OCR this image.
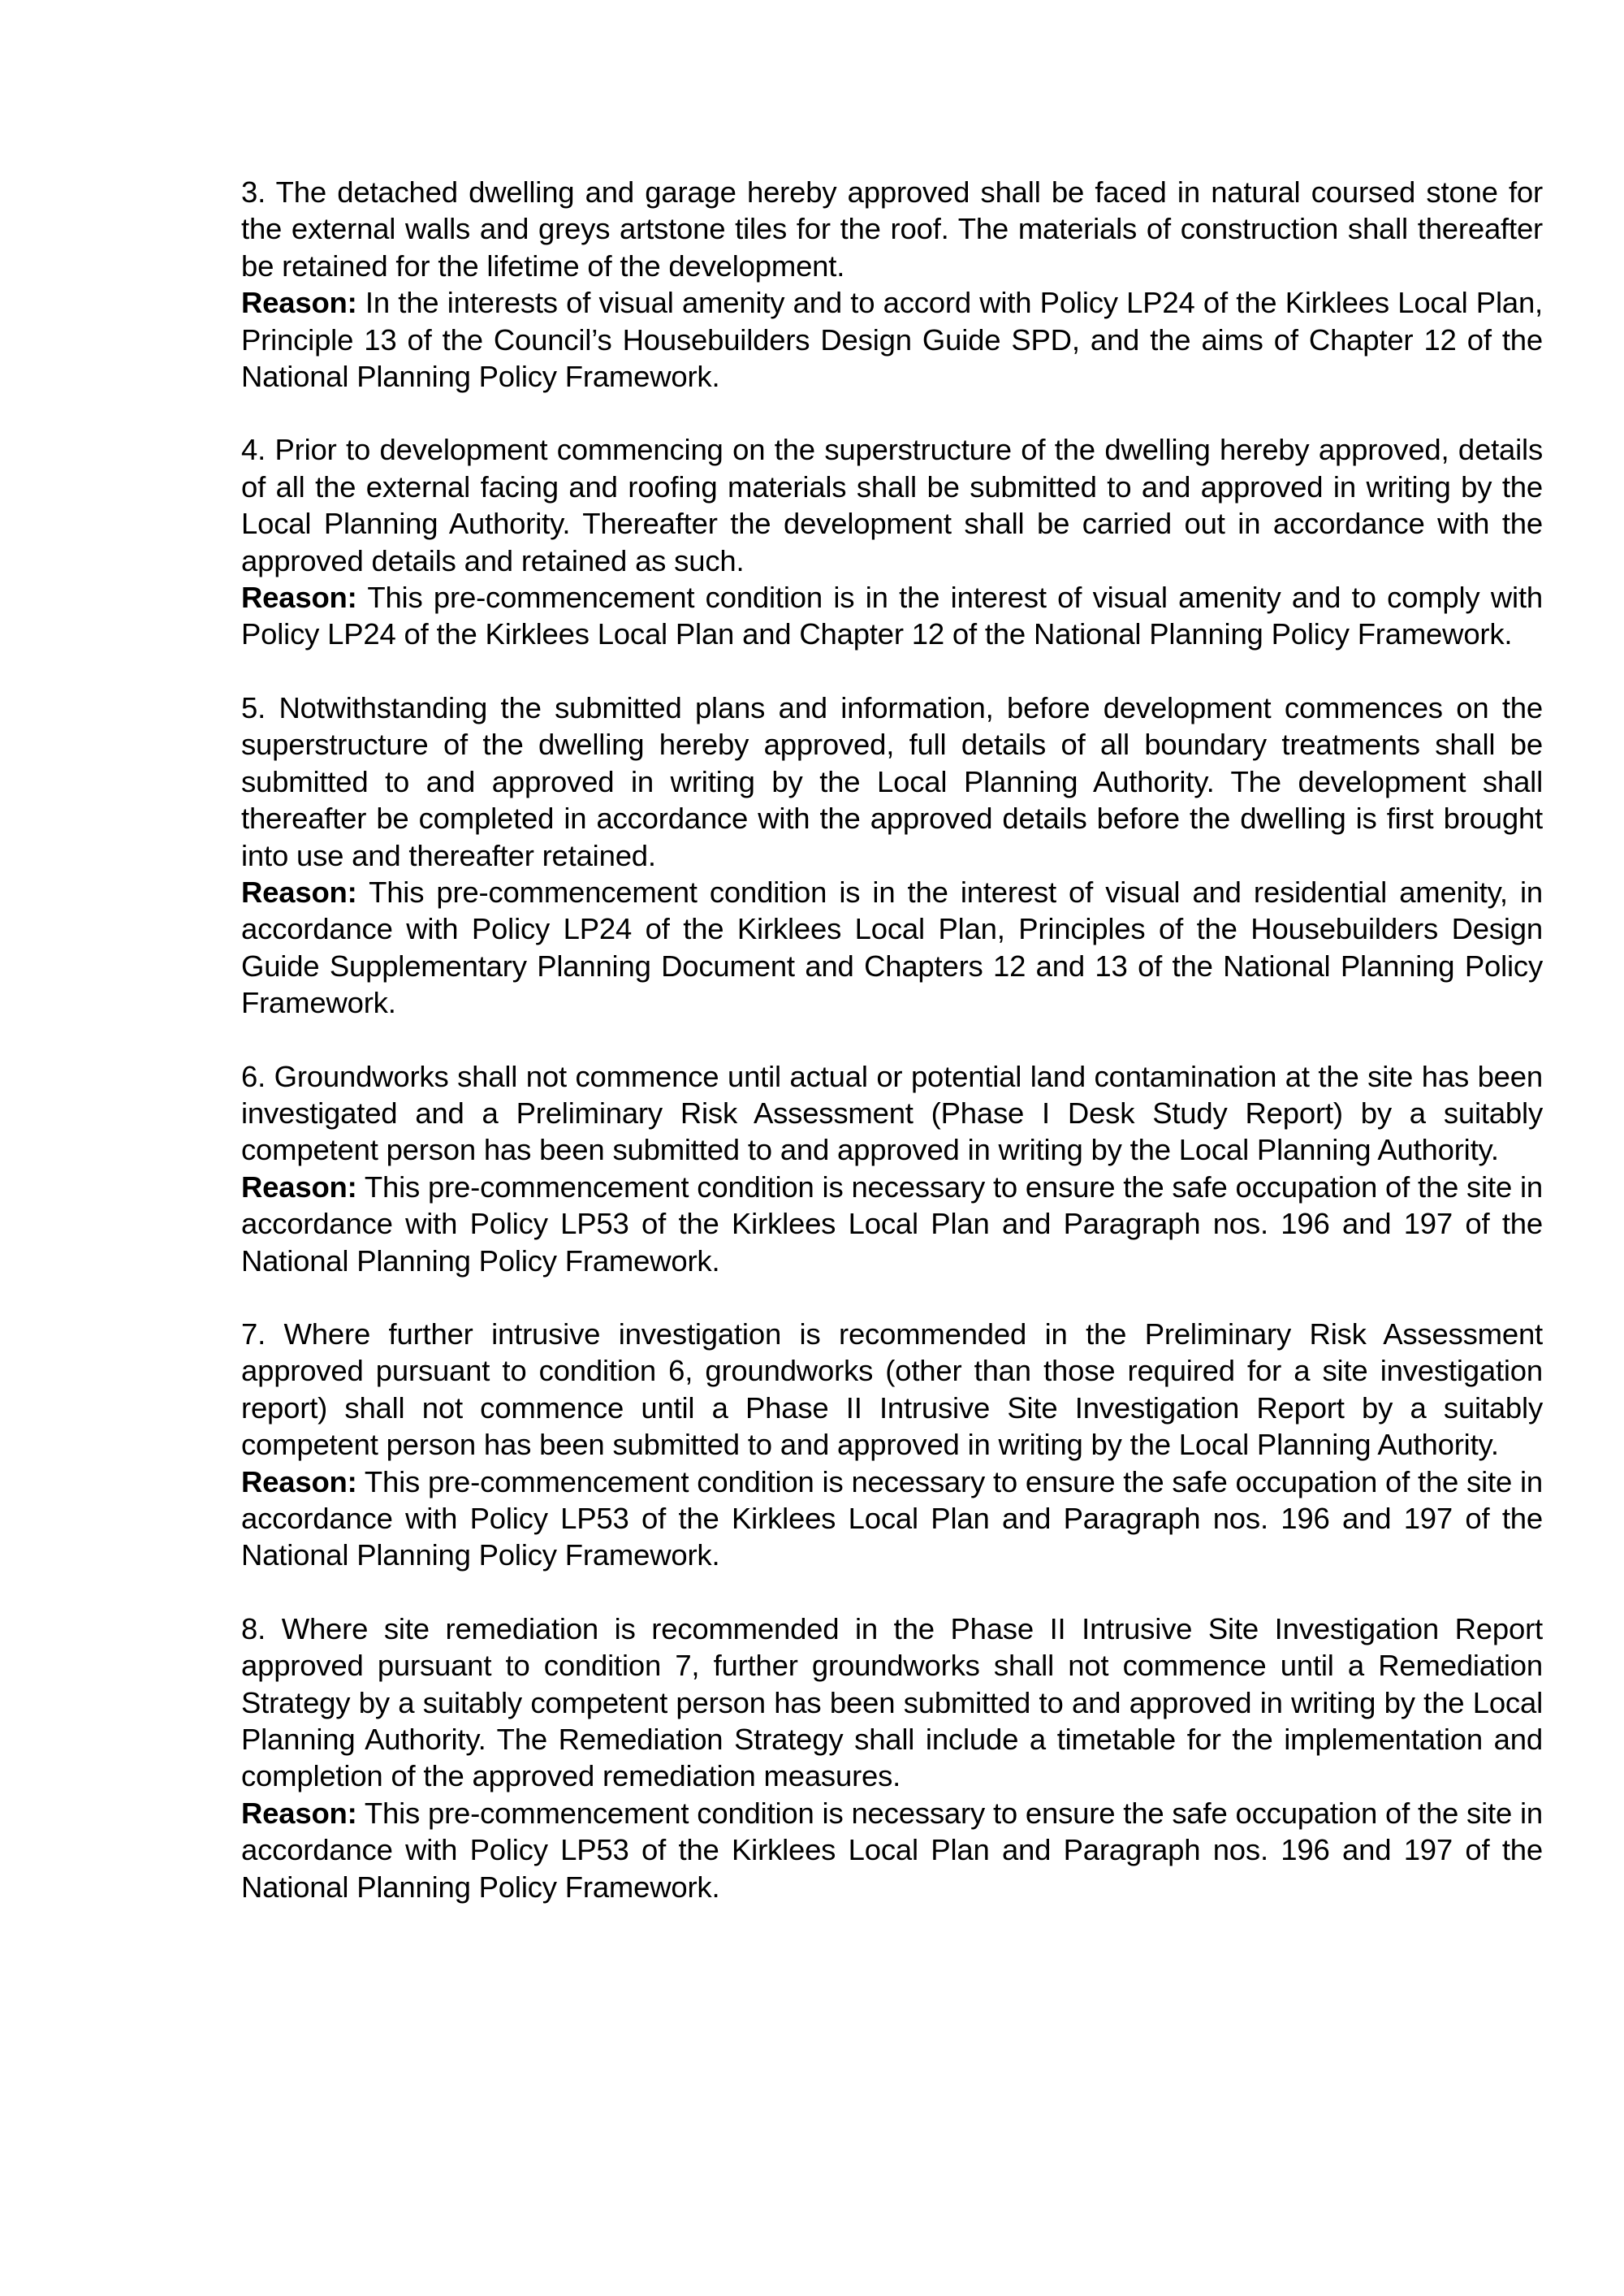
3. The detached dwelling and garage hereby approved shall be faced in natural coursed stone for the external walls and greys artstone tiles for the roof. The materials of construction shall thereafter be retained for the lifetime of the development.

Reason: In the interests of visual amenity and to accord with Policy LP24 of the Kirklees Local Plan, Principle 13 of the Council’s Housebuilders Design Guide SPD, and the aims of Chapter 12 of the National Planning Policy Framework.

4. Prior to development commencing on the superstructure of the dwelling hereby approved, details of all the external facing and roofing materials shall be submitted to and approved in writing by the Local Planning Authority. Thereafter the development shall be carried out in accordance with the approved details and retained as such.

Reason: This pre-commencement condition is in the interest of visual amenity and to comply with Policy LP24 of the Kirklees Local Plan and Chapter 12 of the National Planning Policy Framework.

5. Notwithstanding the submitted plans and information, before development commences on the superstructure of the dwelling hereby approved, full details of all boundary treatments shall be submitted to and approved in writing by the Local Planning Authority. The development shall thereafter be completed in accordance with the approved details before the dwelling is first brought into use and thereafter retained.

Reason: This pre-commencement condition is in the interest of visual and residential amenity, in accordance with Policy LP24 of the Kirklees Local Plan, Principles of the Housebuilders Design Guide Supplementary Planning Document and Chapters 12 and 13 of the National Planning Policy Framework.

6. Groundworks shall not commence until actual or potential land contamination at the site has been investigated and a Preliminary Risk Assessment (Phase I Desk Study Report) by a suitably competent person has been submitted to and approved in writing by the Local Planning Authority.

Reason: This pre-commencement condition is necessary to ensure the safe occupation of the site in accordance with Policy LP53 of the Kirklees Local Plan and Paragraph nos. 196 and 197 of the National Planning Policy Framework.

7. Where further intrusive investigation is recommended in the Preliminary Risk Assessment approved pursuant to condition 6, groundworks (other than those required for a site investigation report) shall not commence until a Phase II Intrusive Site Investigation Report by a suitably competent person has been submitted to and approved in writing by the Local Planning Authority.

Reason: This pre-commencement condition is necessary to ensure the safe occupation of the site in accordance with Policy LP53 of the Kirklees Local Plan and Paragraph nos. 196 and 197 of the National Planning Policy Framework.

8. Where site remediation is recommended in the Phase II Intrusive Site Investigation Report approved pursuant to condition 7, further groundworks shall not commence until a Remediation Strategy by a suitably competent person has been submitted to and approved in writing by the Local Planning Authority. The Remediation Strategy shall include a timetable for the implementation and completion of the approved remediation measures.

Reason: This pre-commencement condition is necessary to ensure the safe occupation of the site in accordance with Policy LP53 of the Kirklees Local Plan and Paragraph nos. 196 and 197 of the National Planning Policy Framework.
